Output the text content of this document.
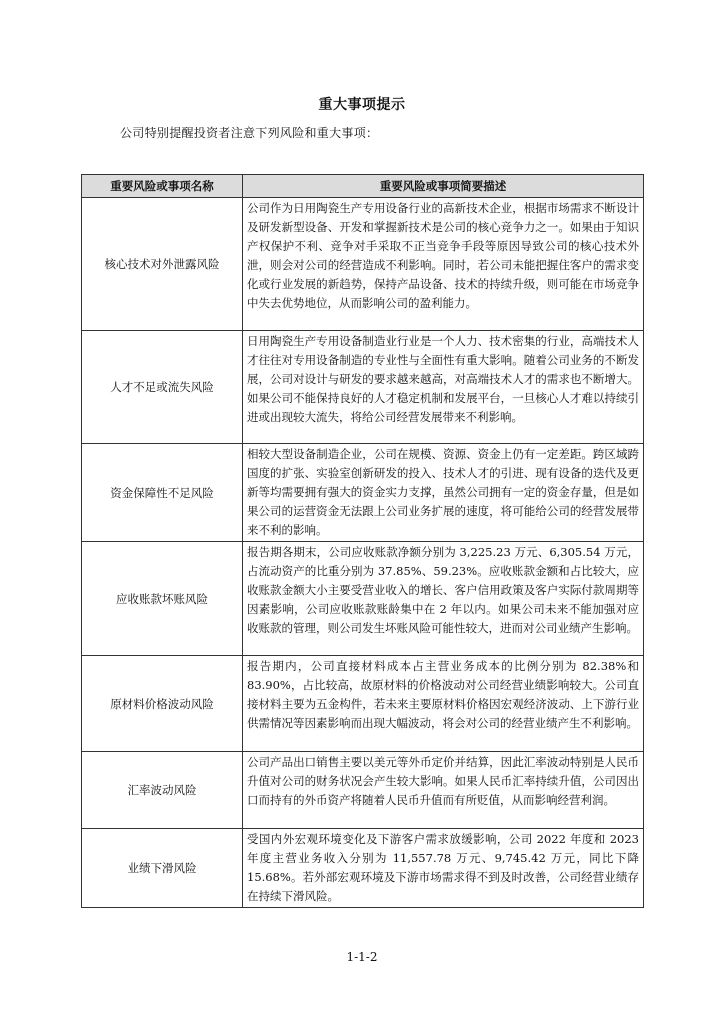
重大事项提示
公司特别提醒投资者注意下列风险和重大事项：
重要风险或事项名称	重要风险或事项简要描述
核心技术对外泄露风险	公司作为日用陶瓷生产专用设备行业的高新技术企业，根据市场需求不断设计及研发新型设备、开发和掌握新技术是公司的核心竞争力之一。如果由于知识产权保护不利、竞争对手采取不正当竞争手段等原因导致公司的核心技术外泄，则会对公司的经营造成不利影响。同时，若公司未能把握住客户的需求变化或行业发展的新趋势，保持产品设备、技术的持续升级，则可能在市场竞争中失去优势地位，从而影响公司的盈利能力。
人才不足或流失风险	日用陶瓷生产专用设备制造业行业是一个人力、技术密集的行业，高端技术人才往往对专用设备制造的专业性与全面性有重大影响。随着公司业务的不断发展，公司对设计与研发的要求越来越高，对高端技术人才的需求也不断增大。如果公司不能保持良好的人才稳定机制和发展平台，一旦核心人才难以持续引进或出现较大流失，将给公司经营发展带来不利影响。
资金保障性不足风险	相较大型设备制造企业，公司在规模、资源、资金上仍有一定差距。跨区域跨国度的扩张、实验室创新研发的投入、技术人才的引进、现有设备的迭代及更新等均需要拥有强大的资金实力支撑，虽然公司拥有一定的资金存量，但是如果公司的运营资金无法跟上公司业务扩展的速度，将可能给公司的经营发展带来不利的影响。
应收账款坏账风险	报告期各期末，公司应收账款净额分别为 3,225.23 万元、6,305.54 万元，占流动资产的比重分别为 37.85%、59.23%。应收账款金额和占比较大，应收账款金额大小主要受营业收入的增长、客户信用政策及客户实际付款周期等因素影响，公司应收账款账龄集中在 2 年以内。如果公司未来不能加强对应收账款的管理，则公司发生坏账风险可能性较大，进而对公司业绩产生影响。
原材料价格波动风险	报告期内，公司直接材料成本占主营业务成本的比例分别为 82.38%和 83.90%，占比较高，故原材料的价格波动对公司经营业绩影响较大。公司直接材料主要为五金构件，若未来主要原材料价格因宏观经济波动、上下游行业供需情况等因素影响而出现大幅波动，将会对公司的经营业绩产生不利影响。
汇率波动风险	公司产品出口销售主要以美元等外币定价并结算，因此汇率波动特别是人民币升值对公司的财务状况会产生较大影响。如果人民币汇率持续升值，公司因出口而持有的外币资产将随着人民币升值而有所贬值，从而影响经营利润。
业绩下滑风险	受国内外宏观环境变化及下游客户需求放缓影响，公司 2022 年度和 2023 年度主营业务收入分别为 11,557.78 万元、9,745.42 万元，同比下降 15.68%。若外部宏观环境及下游市场需求得不到及时改善，公司经营业绩存在持续下滑风险。
1-1-2
